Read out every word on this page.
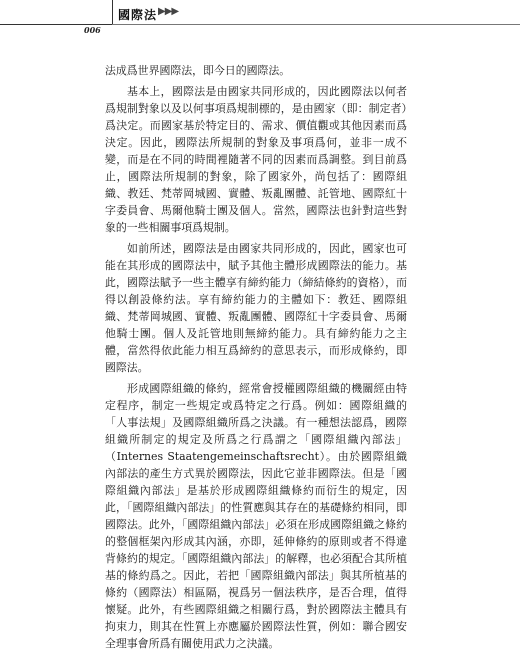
國際法 ▶▶▶
006

法成爲世界國際法，即今日的國際法。

基本上，國際法是由國家共同形成的，因此國際法以何者爲規制對象以及以何事項爲規制標的，是由國家（即：制定者）爲決定。而國家基於特定目的、需求、價值觀或其他因素而爲決定。因此，國際法所規制的對象及事項爲何，並非一成不變，而是在不同的時間裡隨著不同的因素而爲調整。到目前爲止，國際法所規制的對象，除了國家外，尚包括了：國際組織、教廷、梵蒂岡城國、實體、叛亂團體、託管地、國際紅十字委員會、馬爾他騎士團及個人。當然，國際法也針對這些對象的一些相關事項爲規制。

如前所述，國際法是由國家共同形成的，因此，國家也可能在其形成的國際法中，賦予其他主體形成國際法的能力。基此，國際法賦予一些主體享有締約能力（締結條約的資格），而得以創設條約法。享有締約能力的主體如下：教廷、國際組織、梵蒂岡城國、實體、叛亂團體、國際紅十字委員會、馬爾他騎士團。個人及託管地則無締約能力。具有締約能力之主體，當然得依此能力相互爲締約的意思表示，而形成條約，即國際法。

形成國際組織的條約，經常會授權國際組織的機關經由特定程序，制定一些規定或爲特定之行爲。例如：國際組織的「人事法規」及國際組織所爲之決議。有一種想法認爲，國際組織所制定的規定及所爲之行爲謂之「國際組織內部法」（Internes Staatengemeinschaftsrecht）。由於國際組織內部法的產生方式異於國際法，因此它並非國際法。但是「國際組織內部法」是基於形成國際組織條約而衍生的規定，因此，「國際組織內部法」的性質應與其存在的基礎條約相同，即國際法。此外，「國際組織內部法」必須在形成國際組織之條約的整個框架內形成其內涵，亦即，延伸條約的原則或者不得違背條約的規定。「國際組織內部法」的解釋，也必須配合其所植基的條約爲之。因此，若把「國際組織內部法」與其所植基的條約（國際法）相區隔，視爲另一個法秩序，是否合理，值得懷疑。此外，有些國際組織之相關行爲，對於國際法主體具有拘束力，則其在性質上亦應屬於國際法性質，例如：聯合國安全理事會所爲有關使用武力之決議。
